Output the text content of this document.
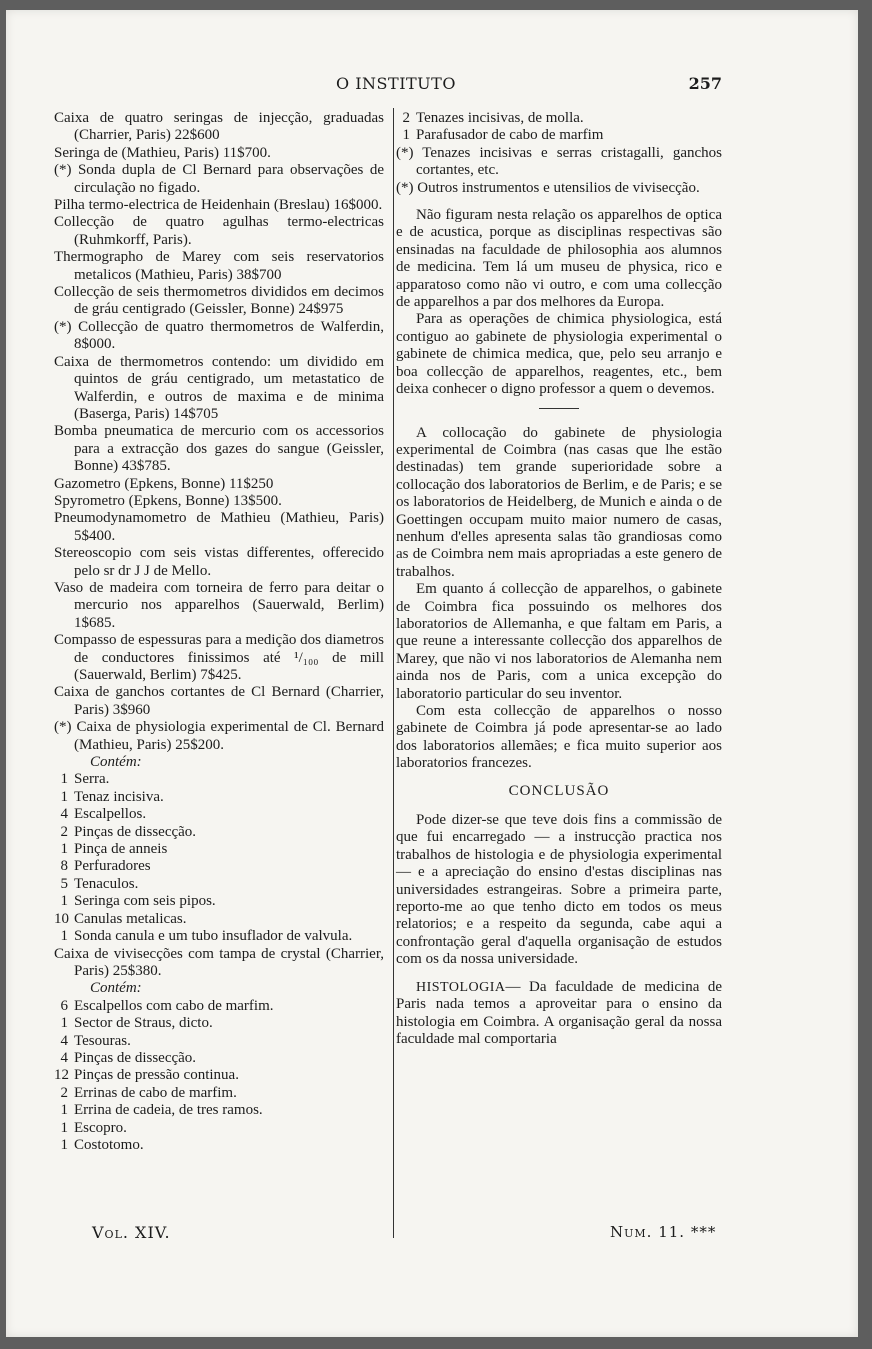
O INSTITUTO	257

Caixa de quatro seringas de injecção, graduadas (Charrier, Paris) 22$600

Seringa de (Mathieu, Paris) 11$700.

(*) Sonda dupla de Cl Bernard para observações de circulação no figado.

Pilha termo-electrica de Heidenhain (Breslau) 16$000.

Collecção de quatro agulhas termo-electricas (Ruhmkorff, Paris).

Thermographo de Marey com seis reservatorios metalicos (Mathieu, Paris) 38$700

Collecção de seis thermometros divididos em decimos de gráu centigrado (Geissler, Bonne) 24$975

(*) Collecção de quatro thermometros de Walferdin, 8$000.

Caixa de thermometros contendo: um dividido em quintos de gráu centigrado, um metastatico de Walferdin, e outros de maxima e de minima (Baserga, Paris) 14$705

Bomba pneumatica de mercurio com os accessorios para a extracção dos gazes do sangue (Geissler, Bonne) 43$785.

Gazometro (Epkens, Bonne) 11$250

Spyrometro (Epkens, Bonne) 13$500.

Pneumodynamometro de Mathieu (Mathieu, Paris) 5$400.

Stereoscopio com seis vistas differentes, offerecido pelo sr dr J J de Mello.

Vaso de madeira com torneira de ferro para deitar o mercurio nos apparelhos (Sauerwald, Berlim) 1$685.

Compasso de espessuras para a medição dos diametros de conductores finissimos até ¹/₁₀₀ de mill (Sauerwald, Berlim) 7$425.

Caixa de ganchos cortantes de Cl Bernard (Charrier, Paris) 3$960

(*) Caixa de physiologia experimental de Cl. Bernard (Mathieu, Paris) 25$200.

Contém:

1 Serra.
1 Tenaz incisiva.
4 Escalpellos.
2 Pinças de dissecção.
1 Pinça de anneis
8 Perfuradores
5 Tenaculos.
1 Seringa com seis pipos.
10 Canulas metalicas.
1 Sonda canula e um tubo insuflador de valvula.

Caixa de vivisecções com tampa de crystal (Charrier, Paris) 25$380.

Contém:

6 Escalpellos com cabo de marfim.
1 Sector de Straus, dicto.
4 Tesouras.
4 Pinças de dissecção.
12 Pinças de pressão continua.
2 Errinas de cabo de marfim.
1 Errina de cadeia, de tres ramos.
1 Escopro.
1 Costotomo.
2 Tenazes incisivas, de molla.
1 Parafusador de cabo de marfim

(*) Tenazes incisivas e serras cristagalli, ganchos cortantes, etc.

(*) Outros instrumentos e utensilios de vivisecção.

Não figuram nesta relação os apparelhos de optica e de acustica, porque as disciplinas respectivas são ensinadas na faculdade de philosophia aos alumnos de medicina. Tem lá um museu de physica, rico e apparatoso como não vi outro, e com uma collecção de apparelhos a par dos melhores da Europa.

Para as operações de chimica physiologica, está contiguo ao gabinete de physiologia experimental o gabinete de chimica medica, que, pelo seu arranjo e boa collecção de apparelhos, reagentes, etc., bem deixa conhecer o digno professor a quem o devemos.

A collocação do gabinete de physiologia experimental de Coimbra (nas casas que lhe estão destinadas) tem grande superioridade sobre a collocação dos laboratorios de Berlim, e de Paris; e se os laboratorios de Heidelberg, de Munich e ainda o de Goettingen occupam muito maior numero de casas, nenhum d'elles apresenta salas tão grandiosas como as de Coimbra nem mais apropriadas a este genero de trabalhos.

Em quanto á collecção de apparelhos, o gabinete de Coimbra fica possuindo os melhores dos laboratorios de Allemanha, e que faltam em Paris, a que reune a interessante collecção dos apparelhos de Marey, que não vi nos laboratorios de Alemanha nem ainda nos de Paris, com a unica excepção do laboratorio particular do seu inventor.

Com esta collecção de apparelhos o nosso gabinete de Coimbra já pode apresentar-se ao lado dos laboratorios allemães; e fica muito superior aos laboratorios francezes.

CONCLUSÃO

Pode dizer-se que teve dois fins a commissão de que fui encarregado — a instrucção practica nos trabalhos de histologia e de physiologia experimental — e a apreciação do ensino d'estas disciplinas nas universidades estrangeiras. Sobre a primeira parte, reporto-me ao que tenho dicto em todos os meus relatorios; e a respeito da segunda, cabe aqui a confrontação geral d'aquella organisação de estudos com os da nossa universidade.

HISTOLOGIA— Da faculdade de medicina de Paris nada temos a aproveitar para o ensino da histologia em Coimbra. A organisação geral da nossa faculdade mal comportaria

Vol. XIV.	Num. 11. ***
